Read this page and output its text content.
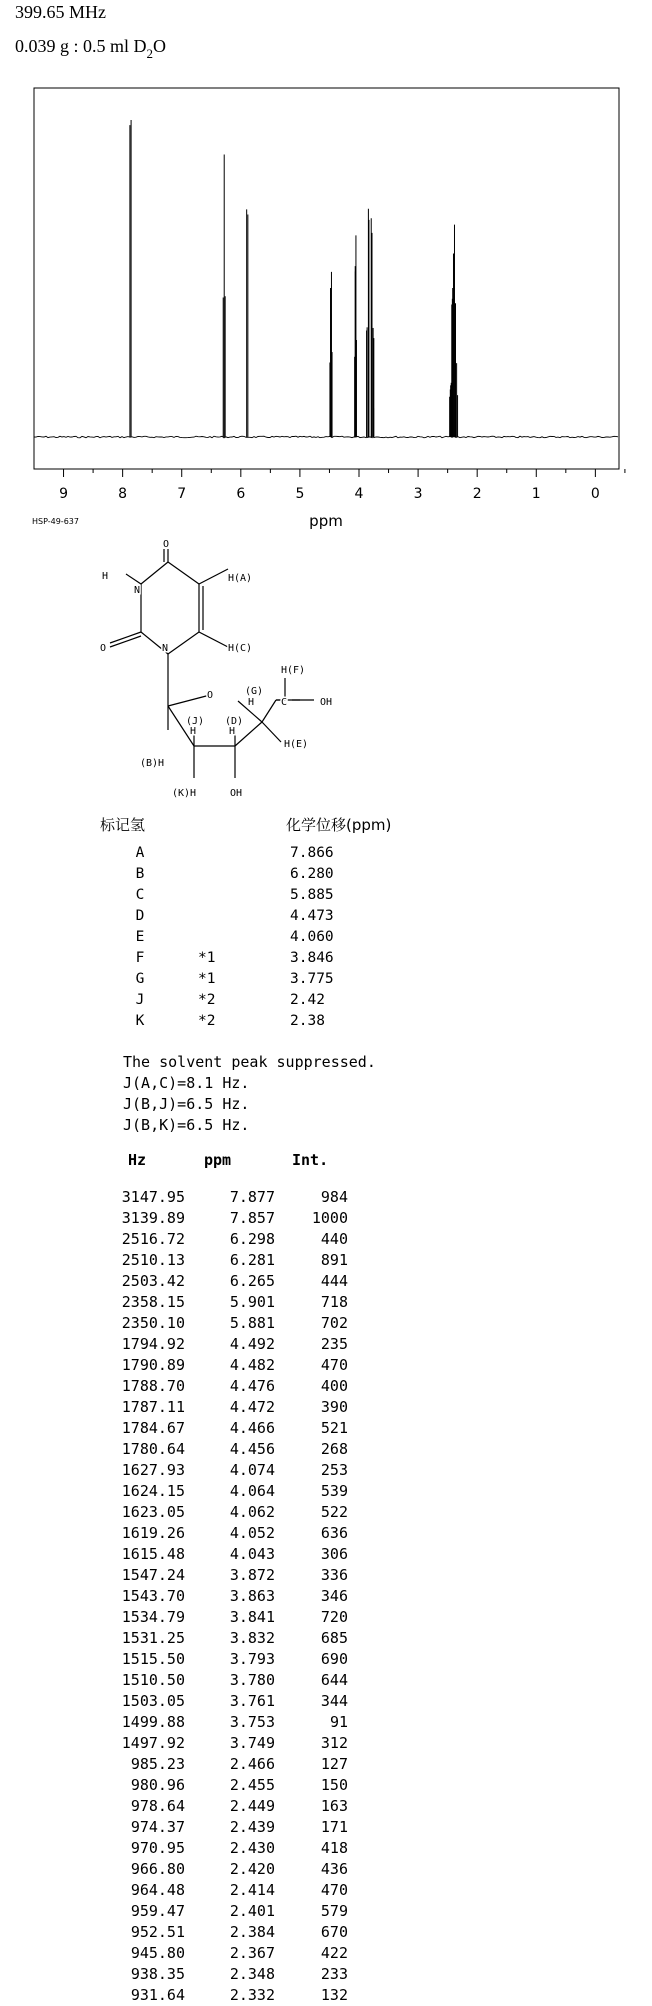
399.65 MHz
0.039 g : 0.5 ml $D_2O$
9	8	7	6	5	4	3	2	1	0
ppm
HSP-49-637
O
H
N
H(A)
O	N	H(C)
H(F)
O	(G)
H	C	OH
(J) (D)
H	H
H(E)
(B)H
(K)H	OH
标记氢	化学位移(ppm)
A	7.866
B	6.280
C	5.885
D	4.473
E	4.060
F	*1	3.846
G	*1	3.775
J	*2	2.42
K	*2	2.38
The solvent peak suppressed.
J(A,C)=8.1 Hz.
J(B,J)=6.5 Hz.
J(B,K)=6.5 Hz.
Hz	ppm	Int.
3147.95	7.877	984
3139.89	7.857	1000
2516.72	6.298	440
2510.13	6.281	891
2503.42	6.265	444
2358.15	5.901	718
2350.10	5.881	702
1794.92	4.492	235
1790.89	4.482	470
1788.70	4.476	400
1787.11	4.472	390
1784.67	4.466	521
1780.64	4.456	268
1627.93	4.074	253
1624.15	4.064	539
1623.05	4.062	522
1619.26	4.052	636
1615.48	4.043	306
1547.24	3.872	336
1543.70	3.863	346
1534.79	3.841	720
1531.25	3.832	685
1515.50	3.793	690
1510.50	3.780	644
1503.05	3.761	344
1499.88	3.753	91
1497.92	3.749	312
985.23	2.466	127
980.96	2.455	150
978.64	2.449	163
974.37	2.439	171
970.95	2.430	418
966.80	2.420	436
964.48	2.414	470
959.47	2.401	579
952.51	2.384	670
945.80	2.367	422
938.35	2.348	233
931.64	2.332	132
